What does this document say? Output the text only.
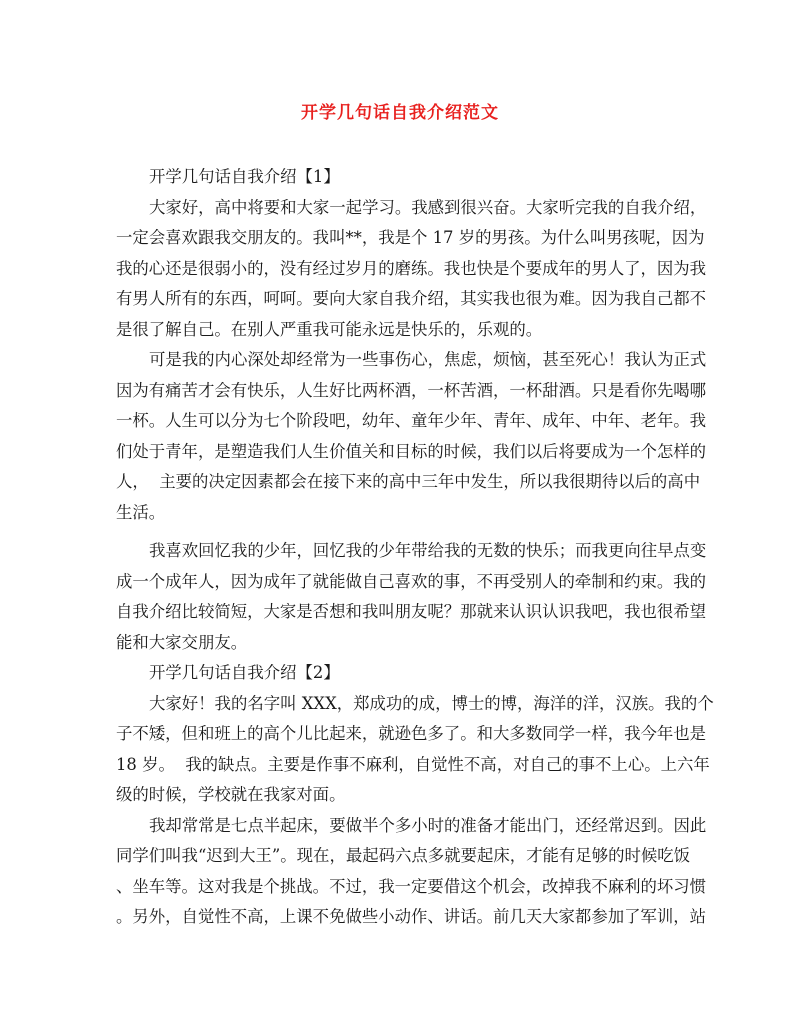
开学几句话自我介绍范文
开学几句话自我介绍【1】
大家好，高中将要和大家一起学习。我感到很兴奋。大家听完我的自我介绍，
一定会喜欢跟我交朋友的。我叫**，我是个 17 岁的男孩。为什么叫男孩呢，因为
我的心还是很弱小的，没有经过岁月的磨练。我也快是个要成年的男人了，因为我
有男人所有的东西，呵呵。要向大家自我介绍，其实我也很为难。因为我自己都不
是很了解自己。在别人严重我可能永远是快乐的，乐观的。
可是我的内心深处却经常为一些事伤心，焦虑，烦恼，甚至死心！我认为正式
因为有痛苦才会有快乐，人生好比两杯酒，一杯苦酒，一杯甜酒。只是看你先喝哪
一杯。人生可以分为七个阶段吧，幼年、童年少年、青年、成年、中年、老年。我
们处于青年，是塑造我们人生价值关和目标的时候，我们以后将要成为一个怎样的
人，  主要的决定因素都会在接下来的高中三年中发生，所以我很期待以后的高中
生活。
我喜欢回忆我的少年，回忆我的少年带给我的无数的快乐；而我更向往早点变
成一个成年人，因为成年了就能做自己喜欢的事，不再受别人的牵制和约束。我的
自我介绍比较简短，大家是否想和我叫朋友呢？那就来认识认识我吧，我也很希望
能和大家交朋友。
开学几句话自我介绍【2】
大家好！我的名字叫 XXX，郑成功的成，博士的博，海洋的洋，汉族。我的个
子不矮，但和班上的高个儿比起来，就逊色多了。和大多数同学一样，我今年也是
18 岁。  我的缺点。主要是作事不麻利，自觉性不高，对自己的事不上心。上六年
级的时候，学校就在我家对面。
我却常常是七点半起床，要做半个多小时的准备才能出门，还经常迟到。因此
同学们叫我“迟到大王”。现在，最起码六点多就要起床，才能有足够的时候吃饭
、坐车等。这对我是个挑战。不过，我一定要借这个机会，改掉我不麻利的坏习惯
。另外，自觉性不高，上课不免做些小动作、讲话。前几天大家都参加了军训，站
